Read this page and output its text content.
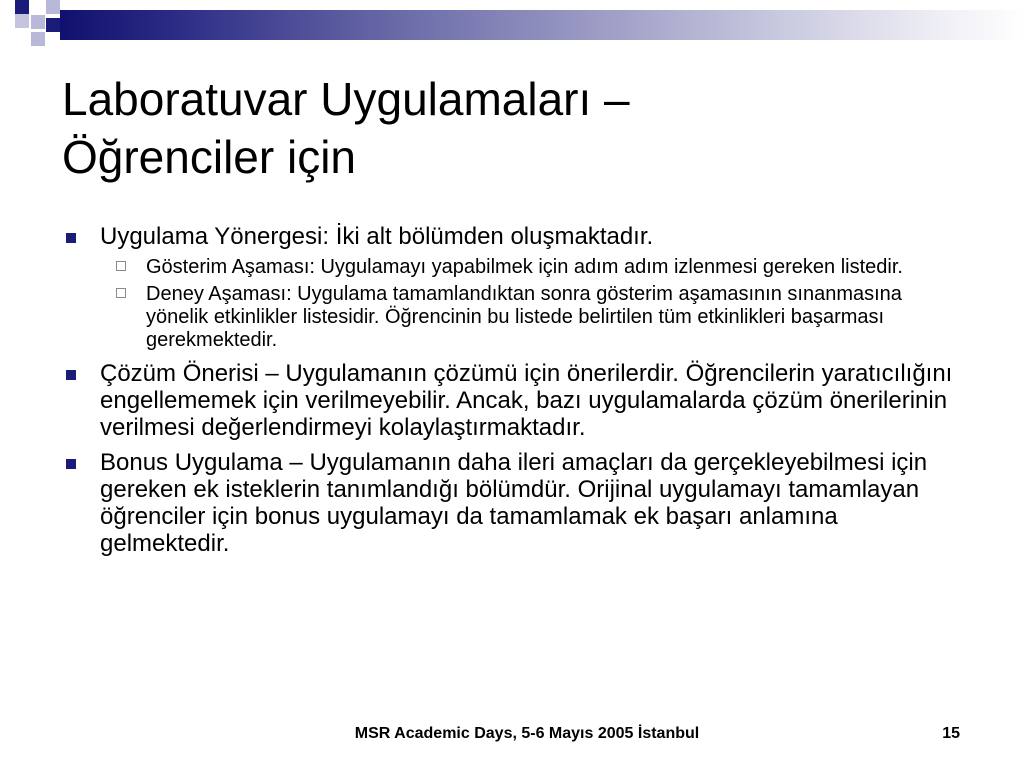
Laboratuvar Uygulamaları –
Öğrenciler için
Uygulama Yönergesi: İki alt bölümden oluşmaktadır.
Gösterim Aşaması: Uygulamayı yapabilmek için adım adım izlenmesi gereken listedir.
Deney Aşaması: Uygulama tamamlandıktan sonra gösterim aşamasının sınanmasına yönelik etkinlikler listesidir. Öğrencinin bu listede belirtilen tüm etkinlikleri başarması gerekmektedir.
Çözüm Önerisi – Uygulamanın çözümü için önerilerdir. Öğrencilerin yaratıcılığını engellememek için verilmeyebilir. Ancak, bazı uygulamalarda çözüm önerilerinin verilmesi değerlendirmeyi kolaylaştırmaktadır.
Bonus Uygulama – Uygulamanın daha ileri amaçları da gerçekleyebilmesi için gereken ek isteklerin tanımlandığı bölümdür. Orijinal uygulamayı tamamlayan öğrenciler için bonus uygulamayı da tamamlamak ek başarı anlamına gelmektedir.
MSR Academic Days, 5-6 Mayıs 2005 İstanbul	15
